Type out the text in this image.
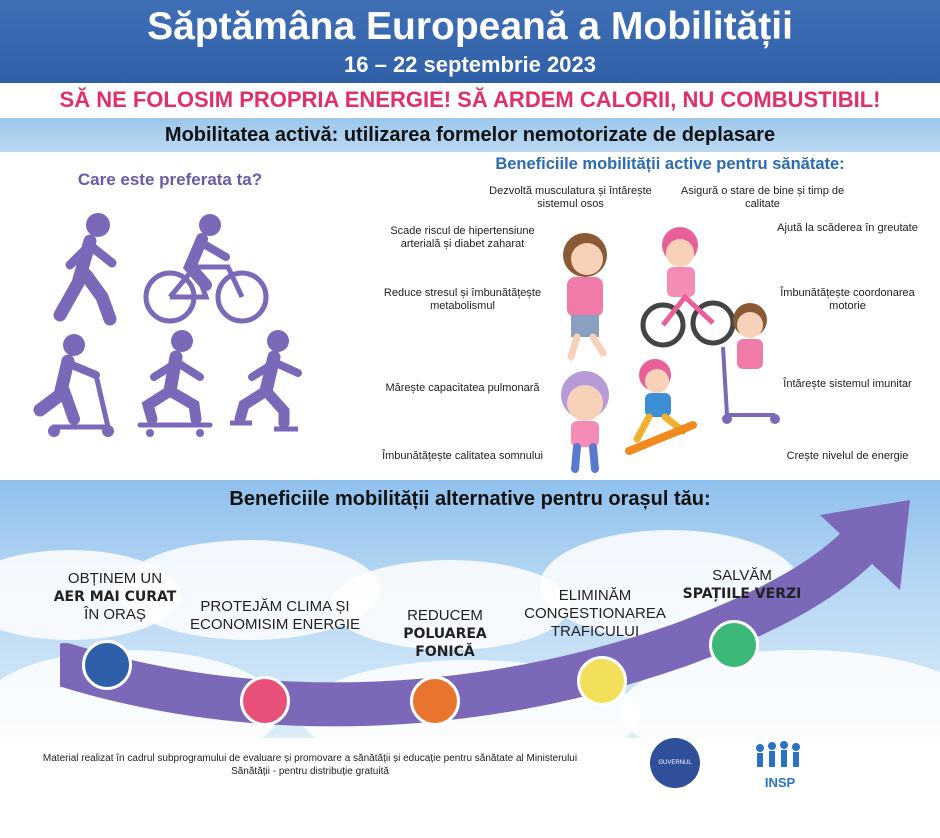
Săptămâna Europeană a Mobilității
16 – 22 septembrie 2023
SĂ NE FOLOSIM PROPRIA ENERGIE! SĂ ARDEM CALORII, NU COMBUSTIBIL!
Mobilitatea activă: utilizarea formelor nemotorizate de deplasare
Care este preferata ta?
Beneficiile mobilității active pentru sănătate:
Dezvoltă musculatura și întărește sistemul osos
Asigură o stare de bine și timp de calitate
Scade riscul de hipertensiune arterială și diabet zaharat
Ajută la scăderea în greutate
Reduce stresul și îmbunătățește metabolismul
Îmbunătățește coordonarea motorie
Mărește capacitatea pulmonară	Întărește sistemul imunitar
Îmbunătățește calitatea somnului	Crește nivelul de energie
Beneficiile mobilității alternative pentru orașul tău:
OBȚINEM UN
AER MAI CURAT
ÎN ORAȘ	PROTEJĂM CLIMA ȘI ECONOMISIM ENERGIE
REDUCEM
POLUAREA FONICĂ
ELIMINĂM CONGESTIONAREA TRAFICULUI
SALVĂM
SPAȚIILE VERZI
Material realizat în cadrul subprogramului de evaluare și promovare a sănătății și educație pentru sănătate al Ministerului Sănătății - pentru distribuție gratuită
GUVERNUL ROMÂNIEI
INSP
